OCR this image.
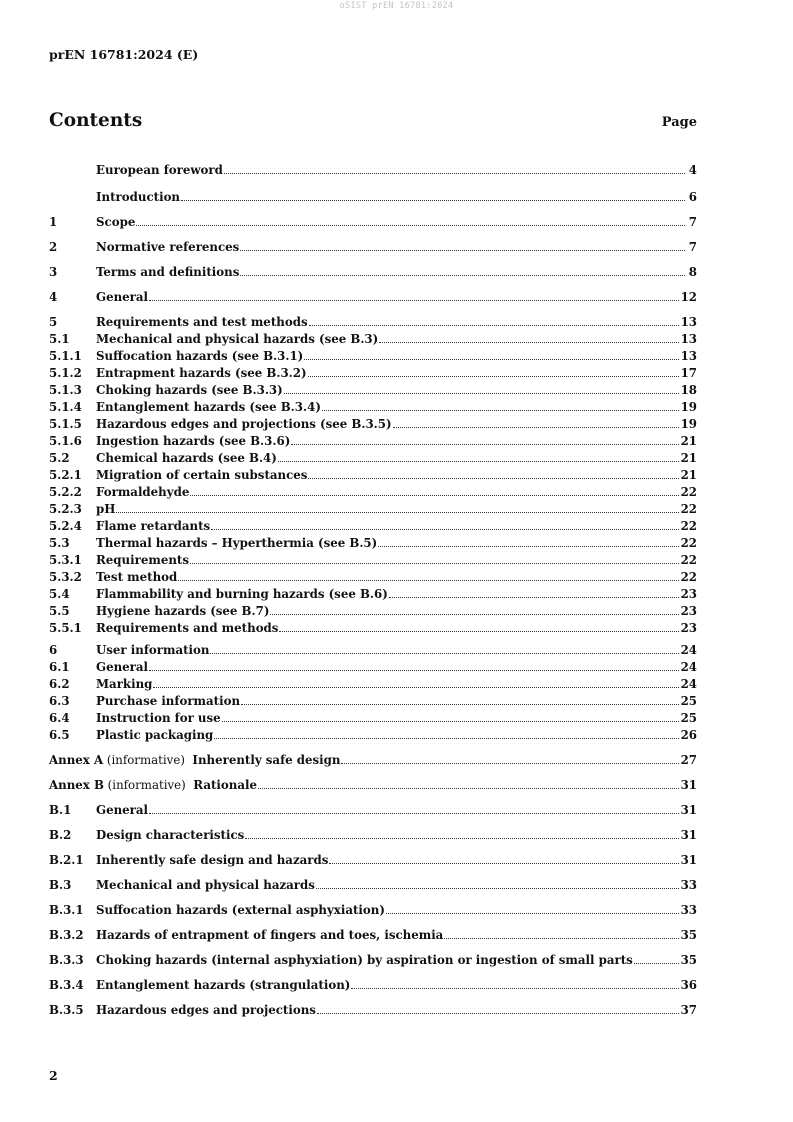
oSIST prEN 16781:2024
prEN 16781:2024 (E)
Contents	Page
European foreword	4
Introduction	6
1	Scope	7
2	Normative references	7
3	Terms and definitions	8
4	General	12
5	Requirements and test methods	13
5.1	Mechanical and physical hazards (see B.3)	13
5.1.1	Suffocation hazards (see B.3.1)	13
5.1.2	Entrapment hazards (see B.3.2)	17
5.1.3	Choking hazards (see B.3.3)	18
5.1.4	Entanglement hazards (see B.3.4)	19
5.1.5	Hazardous edges and projections (see B.3.5)	19
5.1.6	Ingestion hazards (see B.3.6)	21
5.2	Chemical hazards (see B.4)	21
5.2.1	Migration of certain substances	21
5.2.2	Formaldehyde	22
5.2.3	pH	22
5.2.4	Flame retardants	22
5.3	Thermal hazards – Hyperthermia (see B.5)	22
5.3.1	Requirements	22
5.3.2	Test method	22
5.4	Flammability and burning hazards (see B.6)	23
5.5	Hygiene hazards (see B.7)	23
5.5.1	Requirements and methods	23
6	User information	24
6.1	General	24
6.2	Marking	24
6.3	Purchase information	25
6.4	Instruction for use	25
6.5	Plastic packaging	26
Annex A (informative)  Inherently safe design	27
Annex B (informative)  Rationale	31
B.1	General	31
B.2	Design characteristics	31
B.2.1	Inherently safe design and hazards	31
B.3	Mechanical and physical hazards	33
B.3.1	Suffocation hazards (external asphyxiation)	33
B.3.2	Hazards of entrapment of fingers and toes, ischemia	35
B.3.3	Choking hazards (internal asphyxiation) by aspiration or ingestion of small parts	35
B.3.4	Entanglement hazards (strangulation)	36
B.3.5	Hazardous edges and projections	37
2
